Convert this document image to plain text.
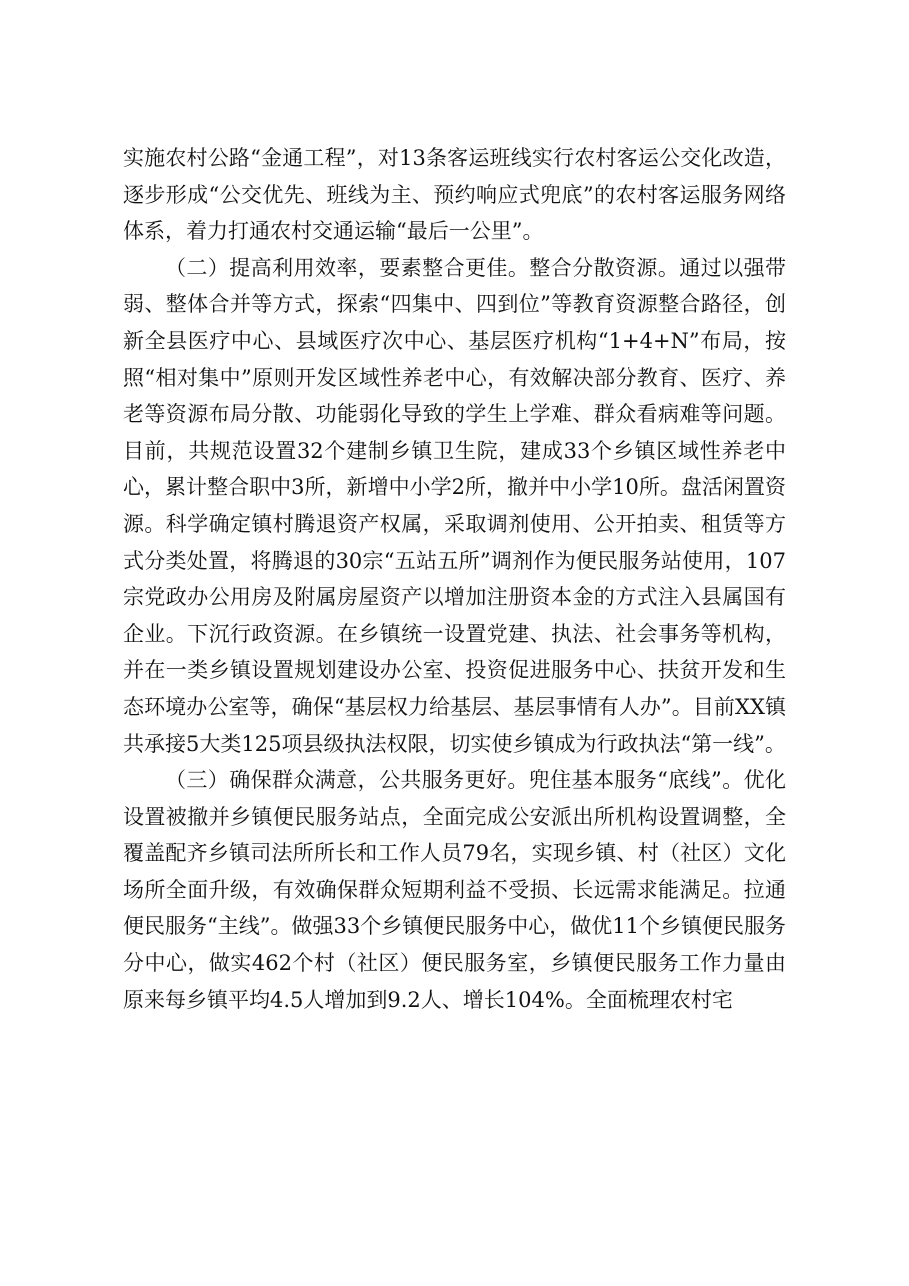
实施农村公路“金通工程”，对13条客运班线实行农村客运公交化改造，逐步形成“公交优先、班线为主、预约响应式兜底”的农村客运服务网络体系，着力打通农村交通运输“最后一公里”。

（二）提高利用效率，要素整合更佳。整合分散资源。通过以强带弱、整体合并等方式，探索“四集中、四到位”等教育资源整合路径，创新全县医疗中心、县域医疗次中心、基层医疗机构“1+4+N”布局，按照“相对集中”原则开发区域性养老中心，有效解决部分教育、医疗、养老等资源布局分散、功能弱化导致的学生上学难、群众看病难等问题。目前，共规范设置32个建制乡镇卫生院，建成33个乡镇区域性养老中心，累计整合职中3所，新增中小学2所，撤并中小学10所。盘活闲置资源。科学确定镇村腾退资产权属，采取调剂使用、公开拍卖、租赁等方式分类处置，将腾退的30宗“五站五所”调剂作为便民服务站使用，107宗党政办公用房及附属房屋资产以增加注册资本金的方式注入县属国有企业。下沉行政资源。在乡镇统一设置党建、执法、社会事务等机构，并在一类乡镇设置规划建设办公室、投资促进服务中心、扶贫开发和生态环境办公室等，确保“基层权力给基层、基层事情有人办”。目前XX镇共承接5大类125项县级执法权限，切实使乡镇成为行政执法“第一线”。

（三）确保群众满意，公共服务更好。兜住基本服务“底线”。优化设置被撤并乡镇便民服务站点，全面完成公安派出所机构设置调整，全覆盖配齐乡镇司法所所长和工作人员79名，实现乡镇、村（社区）文化场所全面升级，有效确保群众短期利益不受损、长远需求能满足。拉通便民服务“主线”。做强33个乡镇便民服务中心，做优11个乡镇便民服务分中心，做实462个村（社区）便民服务室，乡镇便民服务工作力量由原来每乡镇平均4.5人增加到9.2人、增长104%。全面梳理农村宅
